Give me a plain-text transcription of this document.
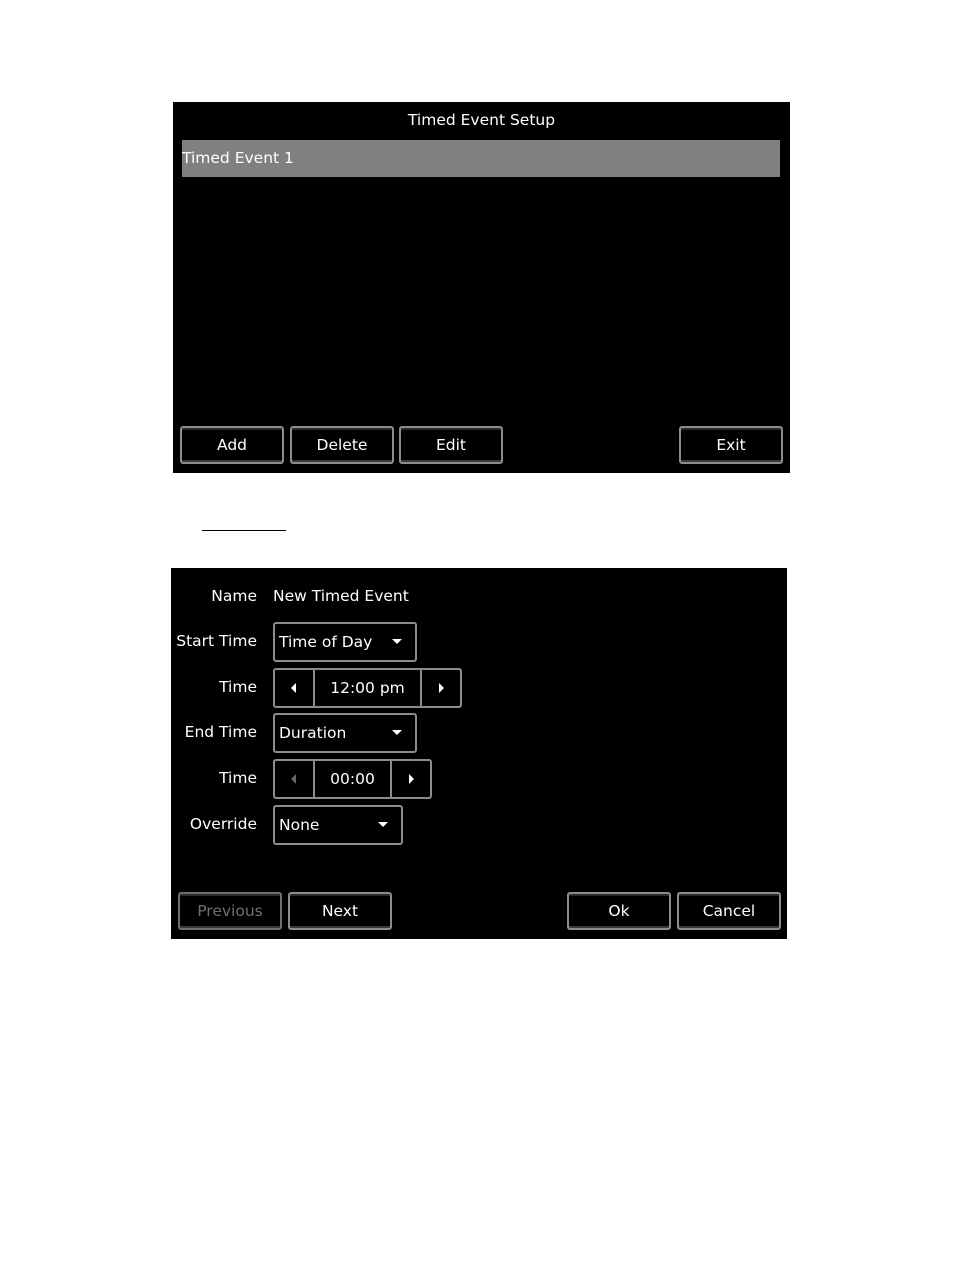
Timed Event Setup
Timed Event 1
Add	Delete	Edit	Exit
Name New Timed Event
Start Time	Time of Day
Time	12:00 pm
End Time	Duration
Time	00:00
Override	None
Previous	Next	Ok	Cancel
